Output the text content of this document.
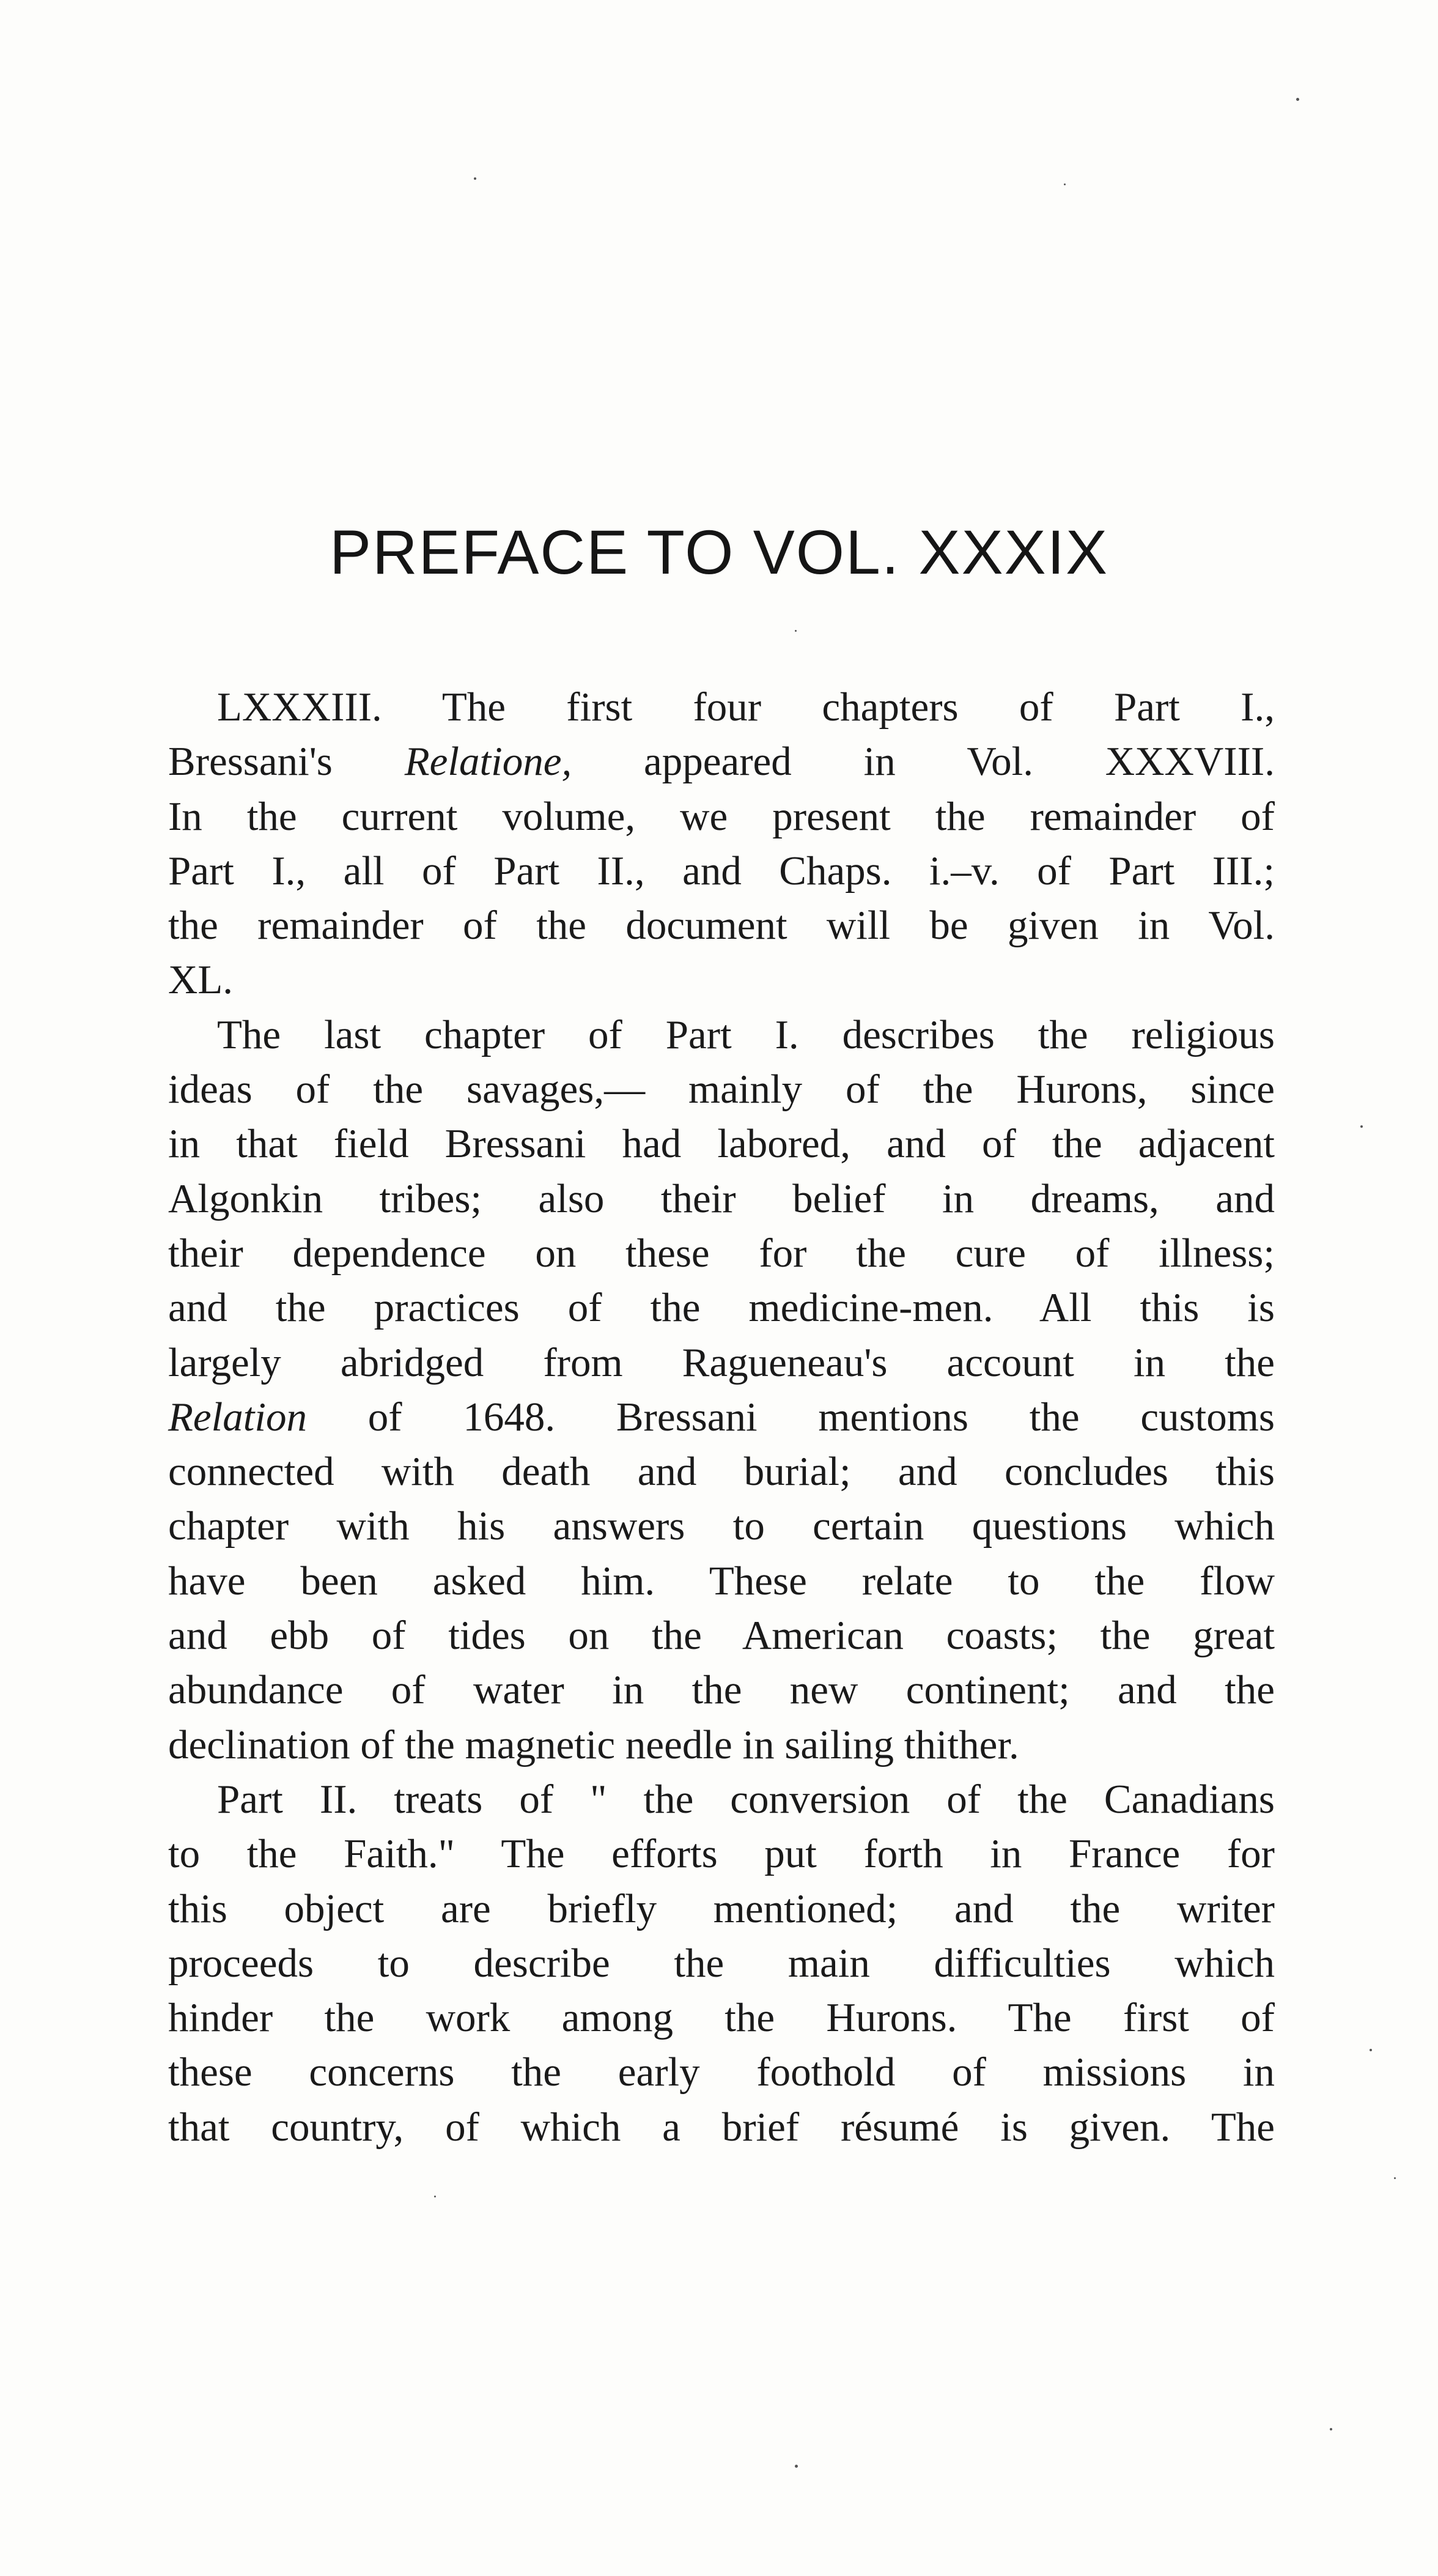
PREFACE TO VOL. XXXIX

LXXXIII. The first four chapters of Part I.,

Bressani's Relatione, appeared in Vol. XXXVIII.

In the current volume, we present the remainder of

Part I., all of Part II., and Chaps. i.–v. of Part III.;

the remainder of the document will be given in Vol.

XL.

The last chapter of Part I. describes the religious

ideas of the savages,— mainly of the Hurons, since

in that field Bressani had labored, and of the adjacent

Algonkin tribes; also their belief in dreams, and

their dependence on these for the cure of illness;

and the practices of the medicine-men. All this is

largely abridged from Ragueneau's account in the

Relation of 1648. Bressani mentions the customs

connected with death and burial; and concludes this

chapter with his answers to certain questions which

have been asked him. These relate to the flow

and ebb of tides on the American coasts; the great

abundance of water in the new continent; and the

declination of the magnetic needle in sailing thither.

Part II. treats of " the conversion of the Canadians

to the Faith." The efforts put forth in France for

this object are briefly mentioned; and the writer

proceeds to describe the main difficulties which

hinder the work among the Hurons. The first of

these concerns the early foothold of missions in

that country, of which a brief résumé is given. The
